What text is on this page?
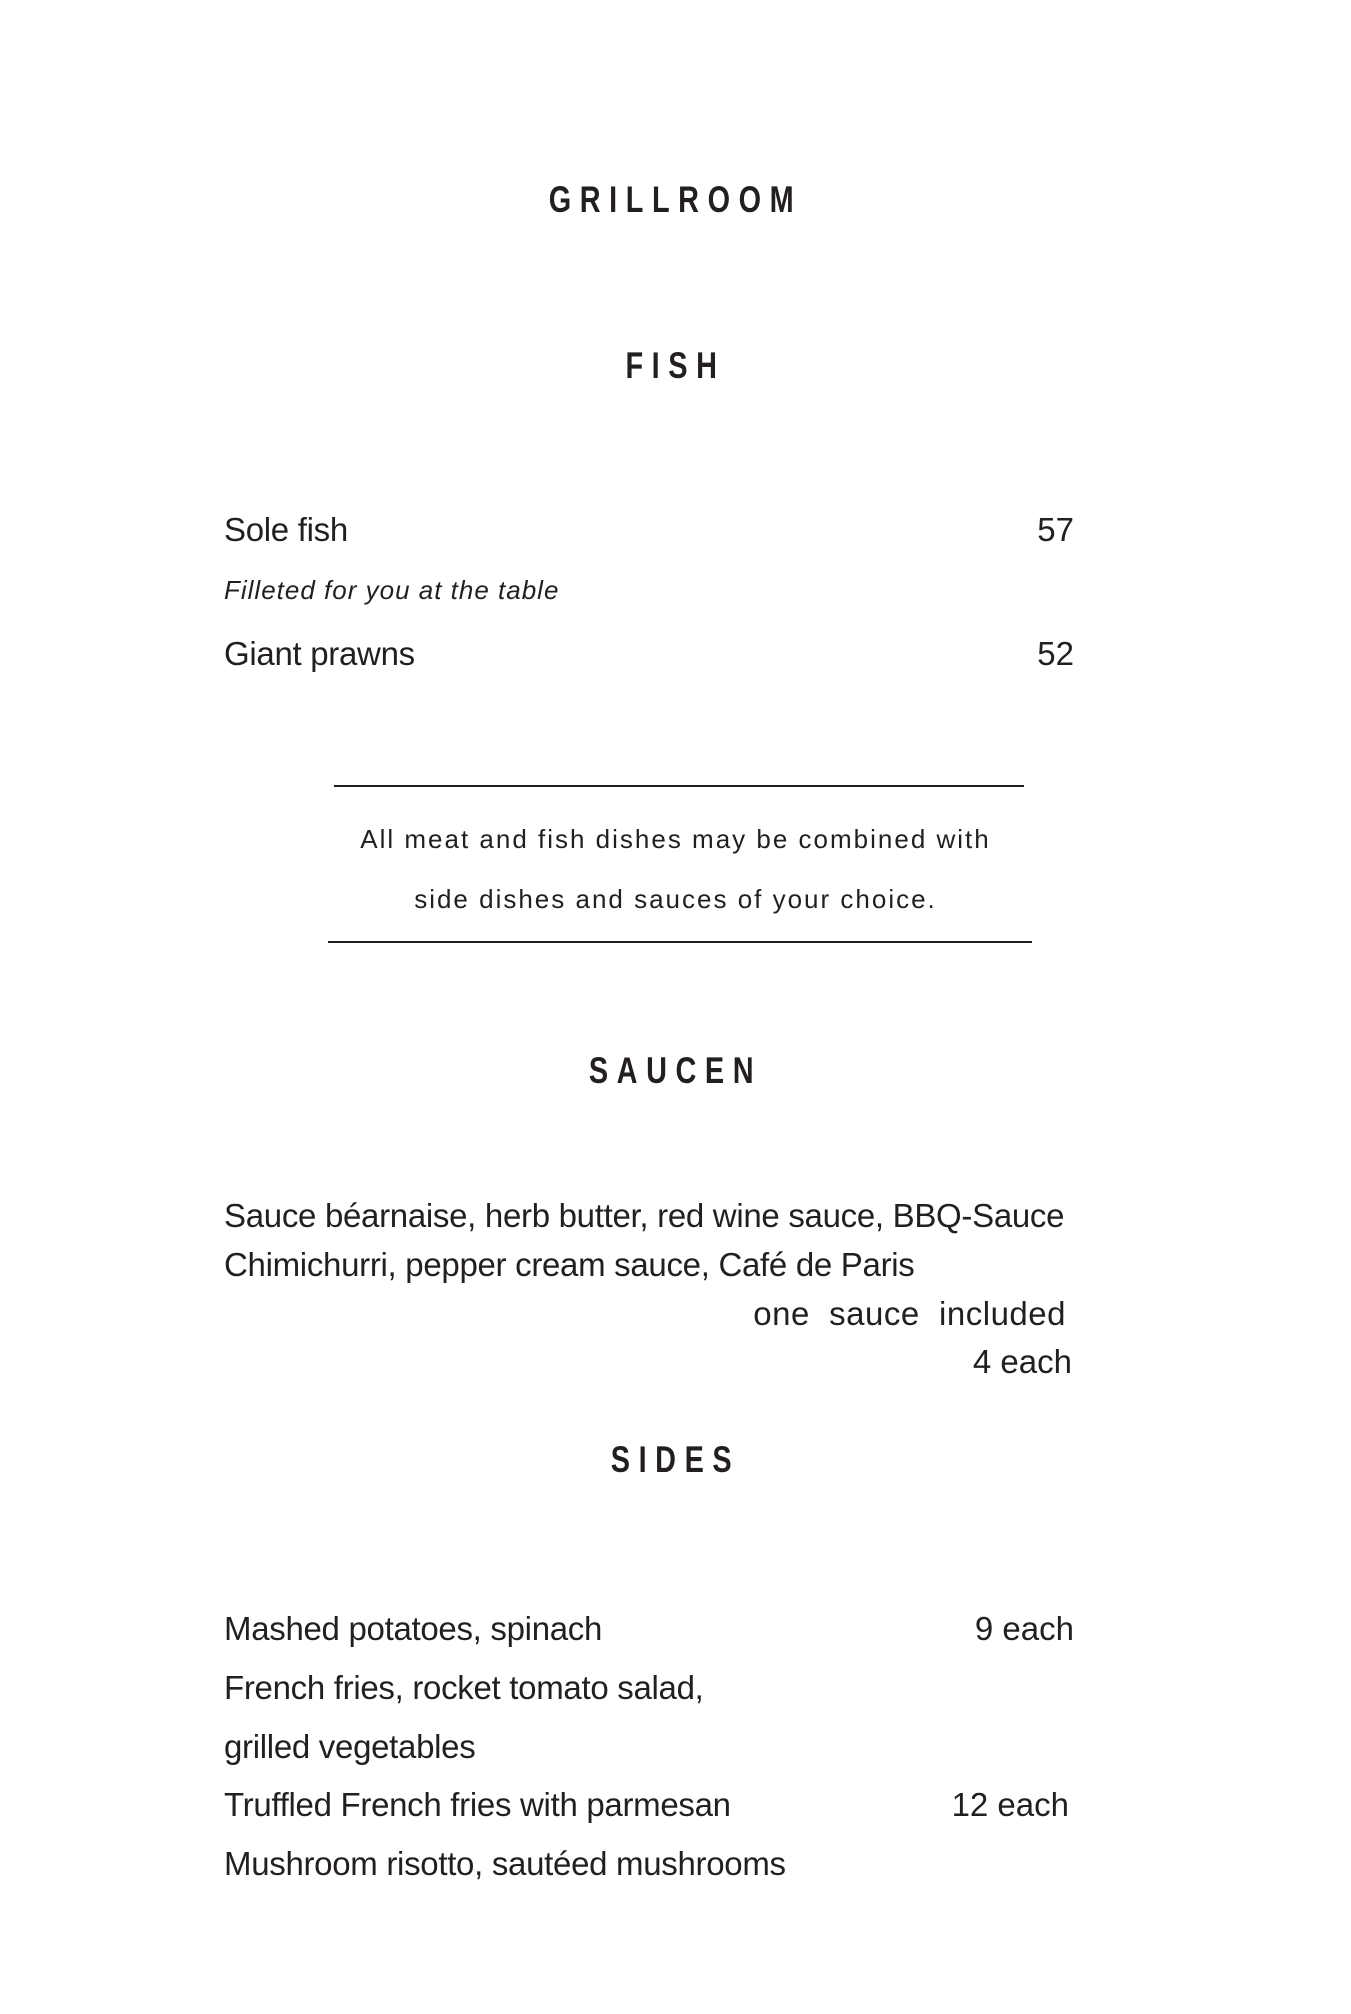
GRILLROOM
FISH
Sole fish	57
Filleted for you at the table
Giant prawns	52
All meat and fish dishes may be combined with
side dishes and sauces of your choice.
SAUCEN
Sauce béarnaise, herb butter, red wine sauce, BBQ-Sauce
Chimichurri, pepper cream sauce, Café de Paris
one  sauce  included
4 each
SIDES
Mashed potatoes, spinach	9 each
French fries, rocket tomato salad,
grilled vegetables
Truffled French fries with parmesan	12 each
Mushroom risotto, sautéed mushrooms
